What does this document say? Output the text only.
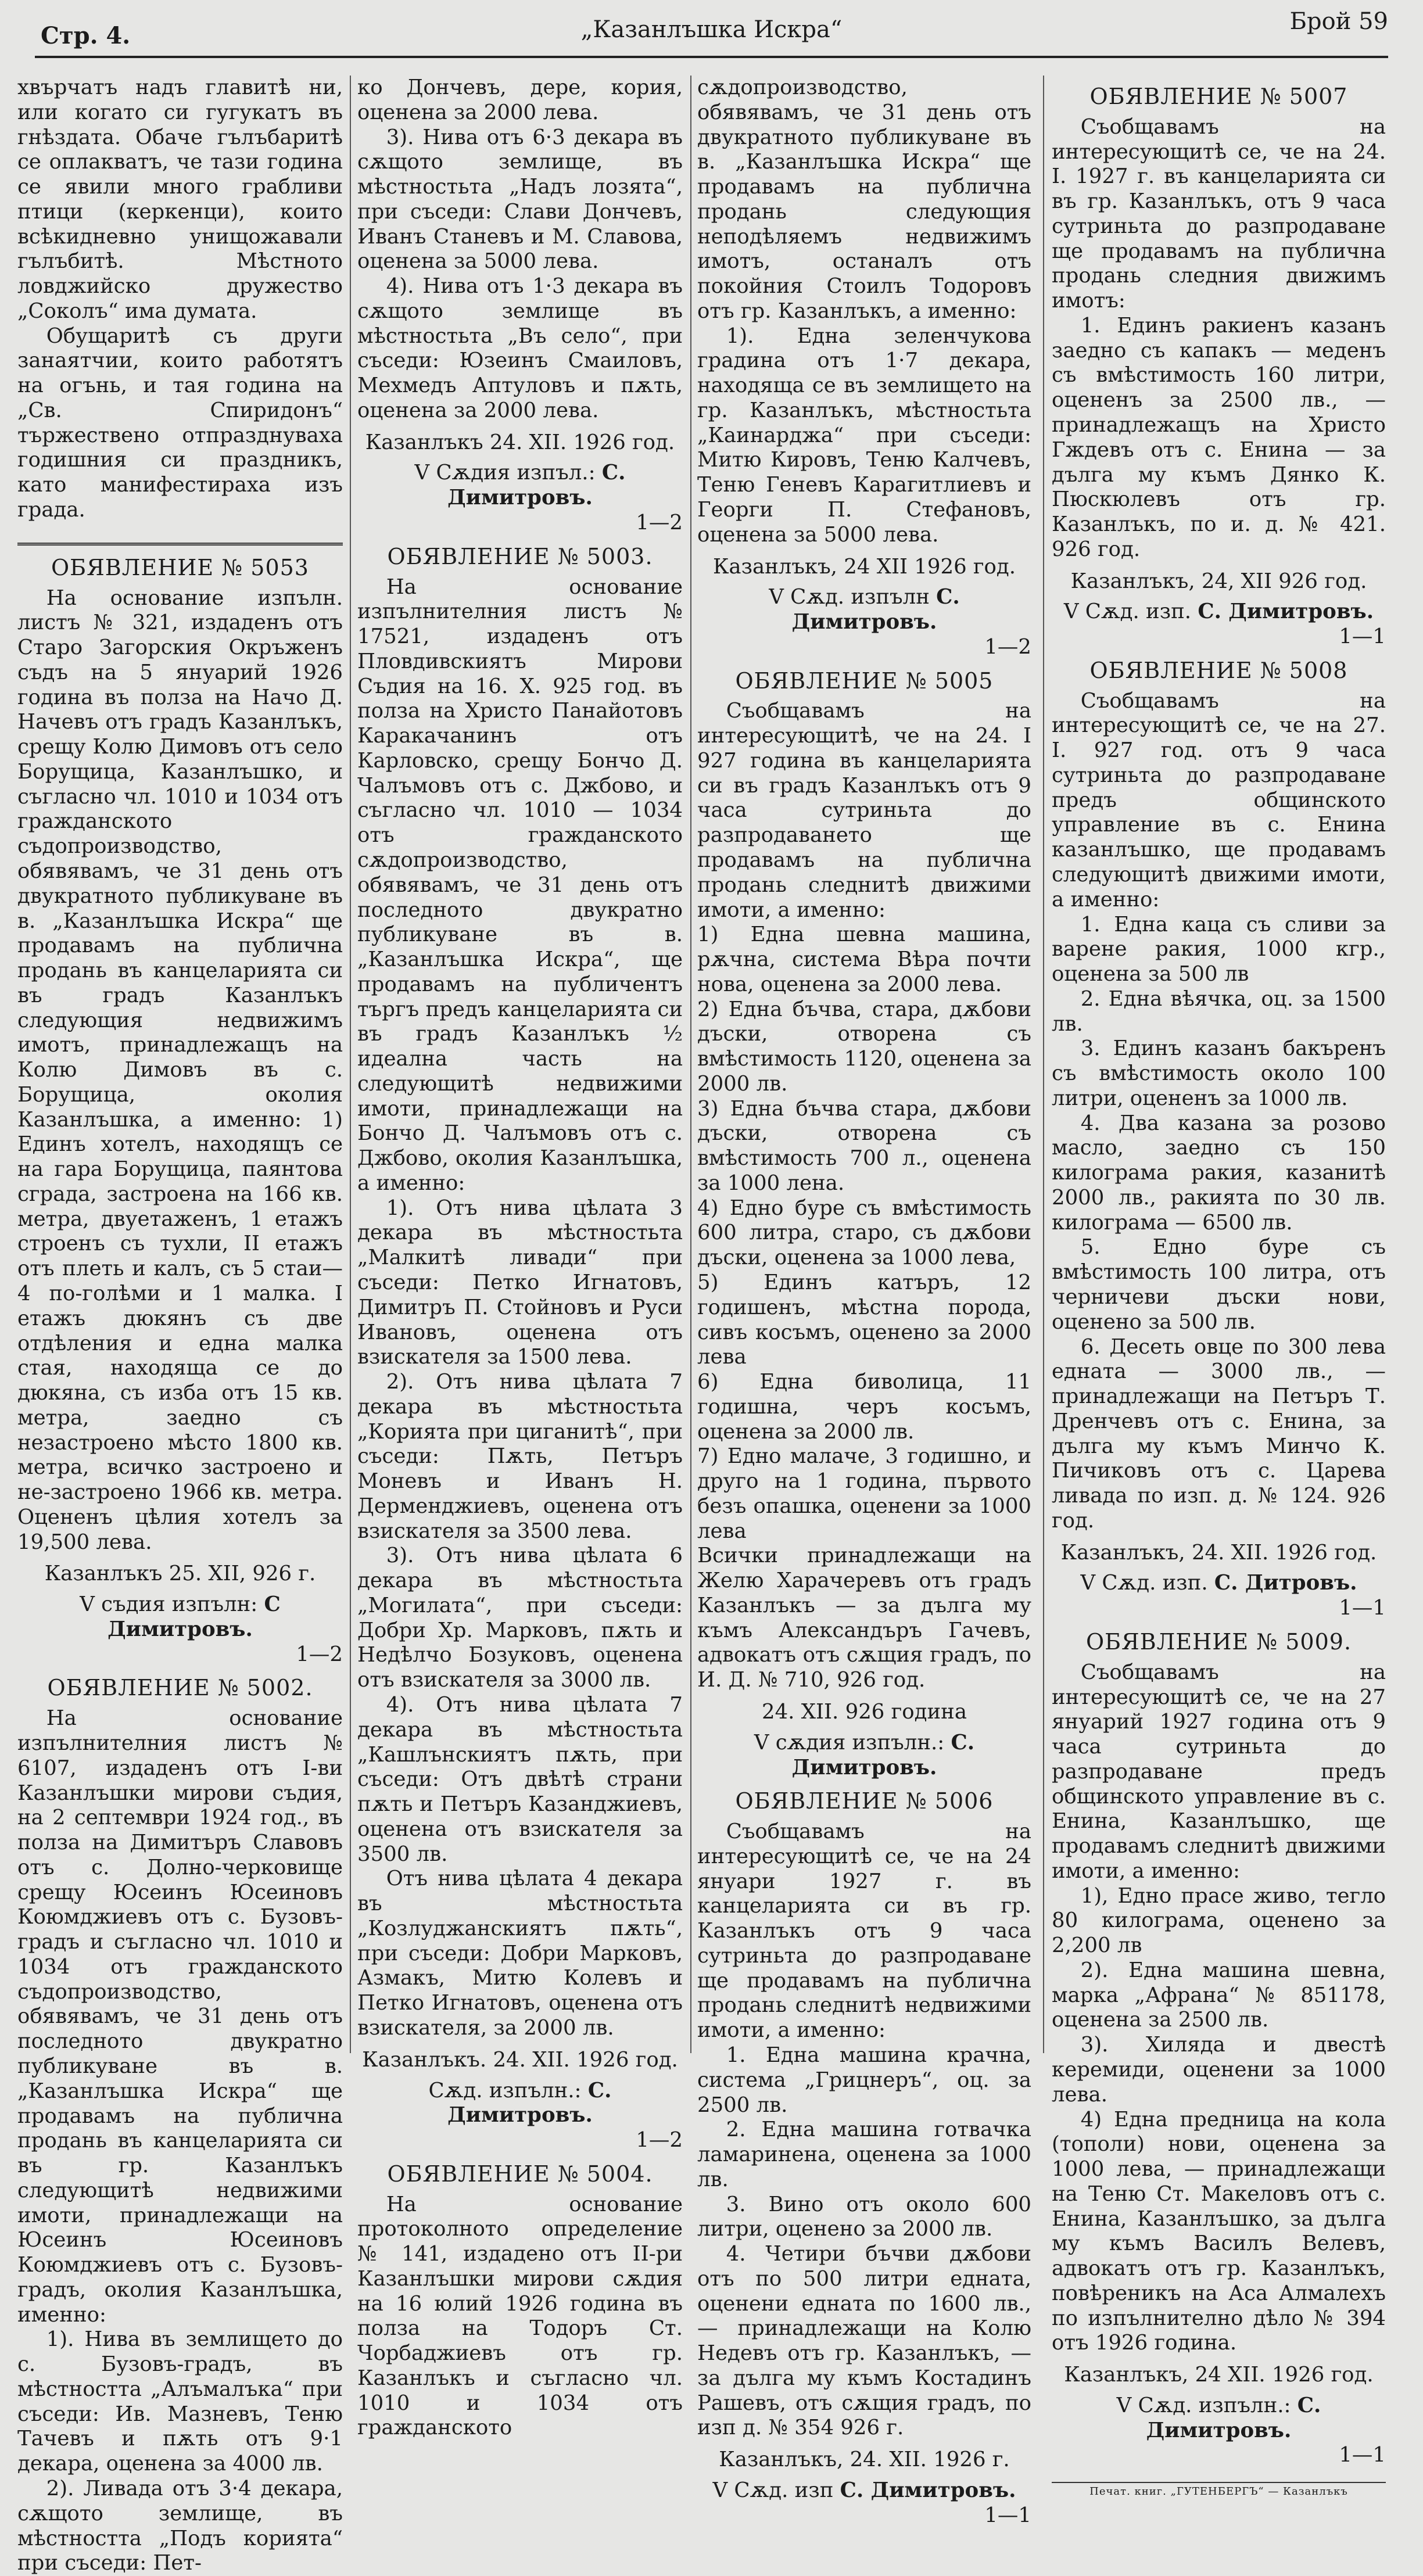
Стр. 4.	„Казанлъшка Искра“	Брой 59

хвърчатъ надъ главитѣ ни, или когато си гугукатъ въ гнѣздата. Обаче гълъбаритѣ се оплакватъ, че тази година се явили много грабливи птици (керкенци), които всѣкидневно унищожавали гълъбитѣ. Мѣстното ловджийско дружество „Соколъ“ има думата.

Обущаритѣ съ други занаятчии, които работятъ на огънь, и тая година на „Св. Спиридонъ“ тържествено отпразднуваха годишния си праздникъ, като манифестираха изъ града.

ОБЯВЛЕНИЕ № 5053

На основание изпълн. листъ № 321, издаденъ отъ Старо Загорския Окръженъ съдъ на 5 януарий 1926 година въ полза на Начо Д. Начевъ отъ градъ Казанлъкъ, срещу Колю Димовъ отъ село Борущица, Казанлъшко, и съгласно чл. 1010 и 1034 отъ гражданското съдопроизводство, обявявамъ, че 31 день отъ двукратното публикуване въ в. „Казанлъшка Искра“ ще продавамъ на публична продань въ канцеларията си въ градъ Казанлъкъ следующия недвижимъ имотъ, принадлежащъ на Колю Димовъ въ с. Борущица, околия Казанлъшка, а именно: 1) Единъ хотелъ, находящъ се на гара Борущица, паянтова сграда, застроена на 166 кв. метра, двуетаженъ, 1 етажъ строенъ съ тухли, II етажъ отъ плеть и калъ, съ 5 стаи—4 по-голѣми и 1 малка. I етажъ дюкянъ съ две отдѣления и една малка стая, находяща се до дюкяна, съ изба отъ 15 кв. метра, заедно съ незастроено мѣсто 1800 кв. метра, всичко застроено и не-застроено 1966 кв. метра. Оцененъ цѣлия хотелъ за 19,500 лева.

Казанлъкъ 25. XII, 926 г.
V съдия изпълн: С Димитровъ.
1—2
ОБЯВЛЕНИЕ № 5002.

На основание изпълнителния листъ № 6107, издаденъ отъ I-ви Казанлъшки мирови съдия, на 2 септември 1924 год., въ полза на Димитъръ Славовъ отъ с. Долно-черковище срещу Юсеинъ Юсеиновъ Коюмджиевъ отъ с. Бузовъ-градъ и съгласно чл. 1010 и 1034 отъ гражданското съдопроизводство, обявявамъ, че 31 день отъ последното двукратно публикуване въ в. „Казанлъшка Искра“ ще продавамъ на публична продань въ канцеларията си въ гр. Казанлъкъ следующитѣ недвижими имоти, принадлежащи на Юсеинъ Юсеиновъ Коюмджиевъ отъ с. Бузовъ-градъ, околия Казанлъшка, именно:

1). Нива въ землището до с. Бузовъ-градъ, въ мѣстността „Алъмалъка“ при съседи: Ив. Мазневъ, Теню Тачевъ и пѫть отъ 9·1 декара, оценена за 4000 лв.

2). Ливада отъ 3·4 декара, сѫщото землище, въ мѣстността „Подъ корията“ при съседи: Пет-

ко Дончевъ, дере, кория, оценена за 2000 лева.

3). Нива отъ 6·3 декара въ сѫщото землище, въ мѣстностьта „Надъ лозята“, при съседи: Слави Дончевъ, Иванъ Станевъ и М. Славова, оценена за 5000 лева.

4). Нива отъ 1·3 декара въ сѫщото землище въ мѣстностьта „Въ село“, при съседи: Юзеинъ Смаиловъ, Мехмедъ Аптуловъ и пѫть, оценена за 2000 лева.

Казанлъкъ 24. XII. 1926 год.
V Сѫдия изпъл.: С. Димитровъ.
1—2
ОБЯВЛЕНИЕ № 5003.

На основание изпълнителния листъ № 17521, издаденъ отъ Пловдивскиятъ Мирови Съдия на 16. Х. 925 год. въ полза на Христо Панайотовъ Каракачанинъ отъ Карловско, срещу Бончо Д. Чалъмовъ отъ с. Джбово, и съгласно чл. 1010 — 1034 отъ гражданското сѫдопроизводство, обявявамъ, че 31 день отъ последното двукратно публикуване въ в. „Казанлъшка Искра“, ще продавамъ на публичентъ търгъ предъ канцеларията си въ градъ Казанлъкъ ½ идеална часть на следующитѣ недвижими имоти, принадлежащи на Бончо Д. Чалъмовъ отъ с. Джбово, околия Казанлъшка, а именно:

1). Отъ нива цѣлата 3 декара въ мѣстностьта „Малкитѣ ливади“ при съседи: Петко Игнатовъ, Димитръ П. Стойновъ и Руси Ивановъ, оценена отъ взискателя за 1500 лева.

2). Отъ нива цѣлата 7 декара въ мѣстностьта „Корията при циганитѣ“, при съседи: Пѫть, Петъръ Моневъ и Иванъ Н. Дерменджиевъ, оценена отъ взискателя за 3500 лева.

3). Отъ нива цѣлата 6 декара въ мѣстностьта „Могилата“, при съседи: Добри Хр. Марковъ, пѫть и Недѣлчо Бозуковъ, оценена отъ взискателя за 3000 лв.

4). Отъ нива цѣлата 7 декара въ мѣстностьта „Кашлънскиятъ пѫть, при съседи: Отъ двѣтѣ страни пѫть и Петъръ Казанджиевъ, оценена отъ взискателя за 3500 лв.

Отъ нива цѣлата 4 декара въ мѣстностьта „Козлуджанскиятъ пѫть“, при съседи: Добри Марковъ, Азмакъ, Митю Колевъ и Петко Игнатовъ, оценена отъ взискателя, за 2000 лв.

Казанлъкъ. 24. XII. 1926 год.
Сѫд. изпълн.: С. Димитровъ.
1—2
ОБЯВЛЕНИЕ № 5004.

На основание протоколното определение № 141, издадено отъ II-ри Казанлъшки мирови сѫдия на 16 юлий 1926 година въ полза на Тодоръ Ст. Чорбаджиевъ отъ гр. Казанлъкъ и съгласно чл. 1010 и 1034 отъ гражданското

сѫдопроизводство, обявявамъ, че 31 день отъ двукратното публикуване въ в. „Казанлъшка Искра“ ще продавамъ на публична продань следующия неподѣляемъ недвижимъ имотъ, останалъ отъ покойния Стоилъ Тодоровъ отъ гр. Казанлъкъ, а именно:

1). Една зеленчукова градина отъ 1·7 декара, находяща се въ землището на гр. Казанлъкъ, мѣстностьта „Каинарджа“ при съседи: Митю Кировъ, Теню Калчевъ, Теню Геневъ Карагитлиевъ и Георги П. Стефановъ, оценена за 5000 лева.

Казанлъкъ, 24 XII 1926 год.
V Сѫд. изпълн С. Димитровъ.
1—2
ОБЯВЛЕНИЕ № 5005

Съобщавамъ на интересующитѣ, че на 24. I 927 година въ канцеларията си въ градъ Казанлъкъ отъ 9 часа сутриньта до разпродаването ще продавамъ на публична продань следнитѣ движими имоти, а именно:

1) Една шевна машина, рѫчна, система Вѣра почти нова, оценена за 2000 лева.

2) Една бъчва, стара, дѫбови дъски, отворена съ вмѣстимость 1120, оценена за 2000 лв.

3) Една бъчва стара, дѫбови дъски, отворена съ вмѣстимость 700 л., оценена за 1000 лена.

4) Едно буре съ вмѣстимость 600 литра, старо, съ дѫбови дъски, оценена за 1000 лева,

5) Единъ катъръ, 12 годишенъ, мѣстна порода, сивъ косъмъ, оценено за 2000 лева

6) Една биволица, 11 годишна, черъ косъмъ, оценена за 2000 лв.

7) Едно малаче, 3 годишно, и друго на 1 година, първото безъ опашка, оценени за 1000 лева

Всички принадлежащи на Желю Харачеревъ отъ градъ Казанлъкъ — за дълга му къмъ Александъръ Гачевъ, адвокатъ отъ сѫщия градъ, по И. Д. № 710, 926 год.

24. XII. 926 година
V сѫдия изпълн.: С. Димитровъ.
ОБЯВЛЕНИЕ № 5006

Съобщавамъ на интересующитѣ се, че на 24 януари 1927 г. въ канцеларията си въ гр. Казанлъкъ отъ 9 часа сутриньта до разпродаване ще продавамъ на публична продань следнитѣ недвижими имоти, а именно:

1. Една машина крачна, система „Грицнеръ“, оц. за 2500 лв.

2. Една машина готвачка ламаринена, оценена за 1000 лв.

3. Вино отъ около 600 литри, оценено за 2000 лв.

4. Четири бъчви дѫбови отъ по 500 литри едната, оценени едната по 1600 лв., — принадлежащи на Колю Недевъ отъ гр. Казанлъкъ, — за дълга му къмъ Костадинъ Рашевъ, отъ сѫщия градъ, по изп д. № 354 926 г.

Казанлъкъ, 24. XII. 1926 г.
V Сѫд. изп С. Димитровъ.
1—1
ОБЯВЛЕНИЕ № 5007

Съобщавамъ на интересующитѣ се, че на 24. I. 1927 г. въ канцеларията си въ гр. Казанлъкъ, отъ 9 часа сутриньта до разпродаване ще продавамъ на публична продань следния движимъ имотъ:

1. Единъ ракиенъ казанъ заедно съ капакъ — меденъ съ вмѣстимость 160 литри, оцененъ за 2500 лв., — принадлежащъ на Христо Гждевъ отъ с. Енина — за дълга му къмъ Дянко К. Пюскюлевъ отъ гр. Казанлъкъ, по и. д. № 421. 926 год.

Казанлъкъ, 24, XII 926 год.
V Сѫд. изп. С. Димитровъ.
1—1
ОБЯВЛЕНИЕ № 5008

Съобщавамъ на интересующитѣ се, че на 27. I. 927 год. отъ 9 часа сутриньта до разпродаване предъ общинското управление въ с. Енина казанлъшко, ще продавамъ следующитѣ движими имоти, а именно:

1. Една каца съ сливи за варене ракия, 1000 кгр., оценена за 500 лв

2. Една вѣячка, оц. за 1500 лв.

3. Единъ казанъ бакъренъ съ вмѣстимость около 100 литри, оцененъ за 1000 лв.

4. Два казана за розово масло, заедно съ 150 килограма ракия, казанитѣ 2000 лв., ракията по 30 лв. килограма — 6500 лв.

5. Едно буре съ вмѣстимость 100 литра, отъ черничеви дъски нови, оценено за 500 лв.

6. Десеть овце по 300 лева едната — 3000 лв., — принадлежащи на Петъръ Т. Дренчевъ отъ с. Енина, за дълга му къмъ Минчо К. Пичиковъ отъ с. Царева ливада по изп. д. № 124. 926 год.

Казанлъкъ, 24. XII. 1926 год.
V Сѫд. изп. С. Дитровъ.
1—1
ОБЯВЛЕНИЕ № 5009.

Съобщавамъ на интересующитѣ се, че на 27 януарий 1927 година отъ 9 часа сутриньта до разпродаване предъ общинското управление въ с. Енина, Казанлъшко, ще продавамъ следнитѣ движими имоти, а именно:

1), Едно прасе живо, тегло 80 килограма, оценено за 2,200 лв

2). Една машина шевна, марка „Афрана“ № 851178, оценена за 2500 лв.

3). Хиляда и двестѣ керемиди, оценени за 1000 лева.

4) Една предница на кола (тополи) нови, оценена за 1000 лева, — принадлежащи на Теню Ст. Макеловъ отъ с. Енина, Казанлъшко, за дълга му къмъ Василъ Велевъ, адвокатъ отъ гр. Казанлъкъ, повѣреникъ на Аса Алмалехъ по изпълнително дѣло № 394 отъ 1926 година.

Казанлъкъ, 24 XII. 1926 год.
V Сѫд. изпълн.: С. Димитровъ.
1—1
Печат. книг. „ГУТЕНБЕРГЪ“ — Казанлъкъ
